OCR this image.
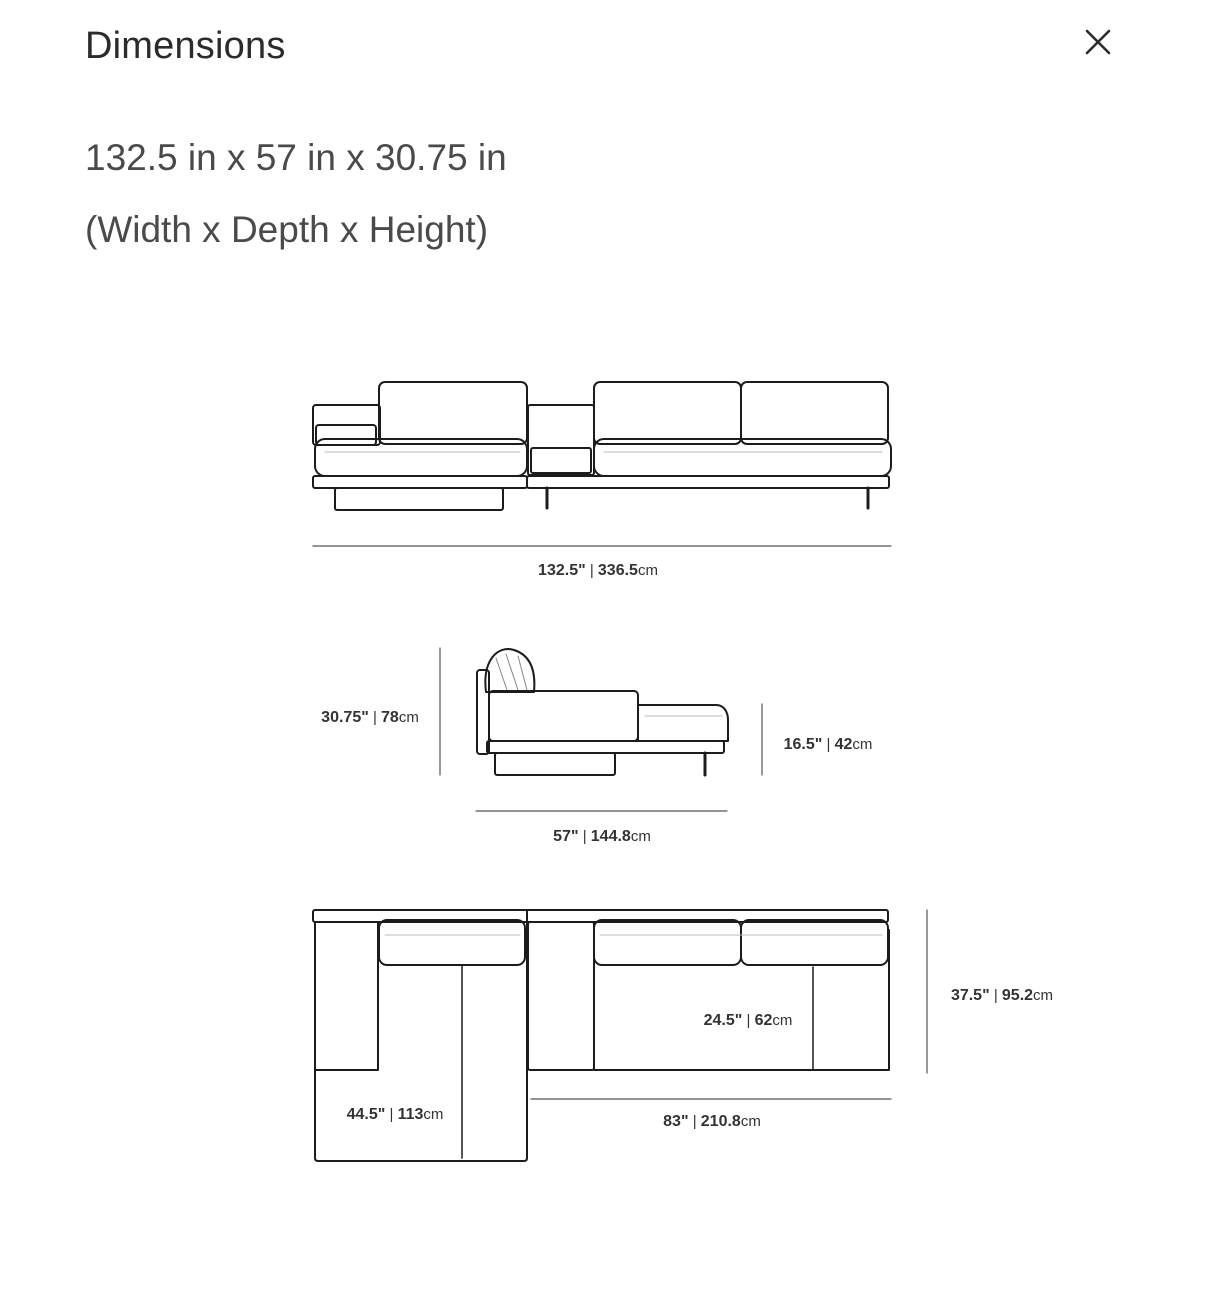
Dimensions
132.5 in x 57 in x 30.75 in
(Width x Depth x Height)
132.5" | 336.5cm
30.75" | 78cm
16.5" | 42cm
57" | 144.8cm
37.5" | 95.2cm
24.5" | 62cm
44.5" | 113cm	83" | 210.8cm
